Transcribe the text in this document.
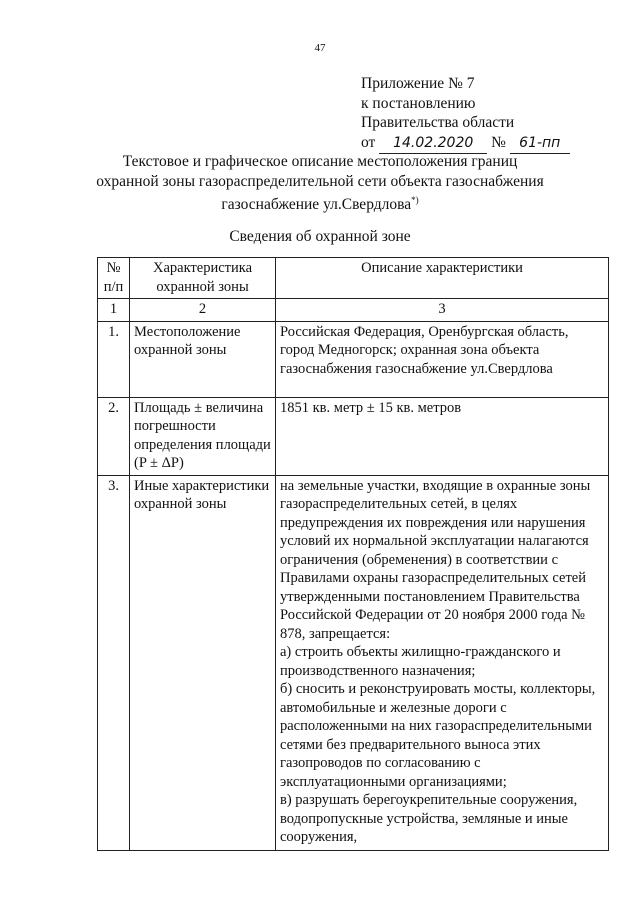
47
Приложение № 7
к постановлению
Правительства области
от 14.02.2020 № 61-пп
Текстовое и графическое описание местоположения границ
охранной зоны газораспределительной сети объекта газоснабжения
газоснабжение ул.Свердлова*)
Сведения об охранной зоне
№ п/п	Характеристика охранной зоны	Описание характеристики
1	2	3
1.	Местоположение охранной зоны	Российская Федерация, Оренбургская область, город Медногорск; охранная зона объекта газоснабжения газоснабжение ул.Свердлова

2.	Площадь ± величина погрешности определения площади (P ± ΔP)	1851 кв. метр ± 15 кв. метров

3.	Иные характеристики охранной зоны	на земельные участки, входящие в охранные зоны газораспределительных сетей, в целях предупреждения их повреждения или нарушения условий их нормальной эксплуатации налагаются ограничения (обременения) в соответствии с Правилами охраны газораспределительных сетей утвержденными постановлением Правительства Российской Федерации от 20 ноября 2000 года № 878, запрещается:
а) строить объекты жилищно-гражданского и производственного назначения;
б) сносить и реконструировать мосты, коллекторы, автомобильные и железные дороги с расположенными на них газораспределительными сетями без предварительного выноса этих газопроводов по согласованию с эксплуатационными организациями;
в) разрушать берегоукрепительные сооружения, водопропускные устройства, земляные и иные сооружения,
